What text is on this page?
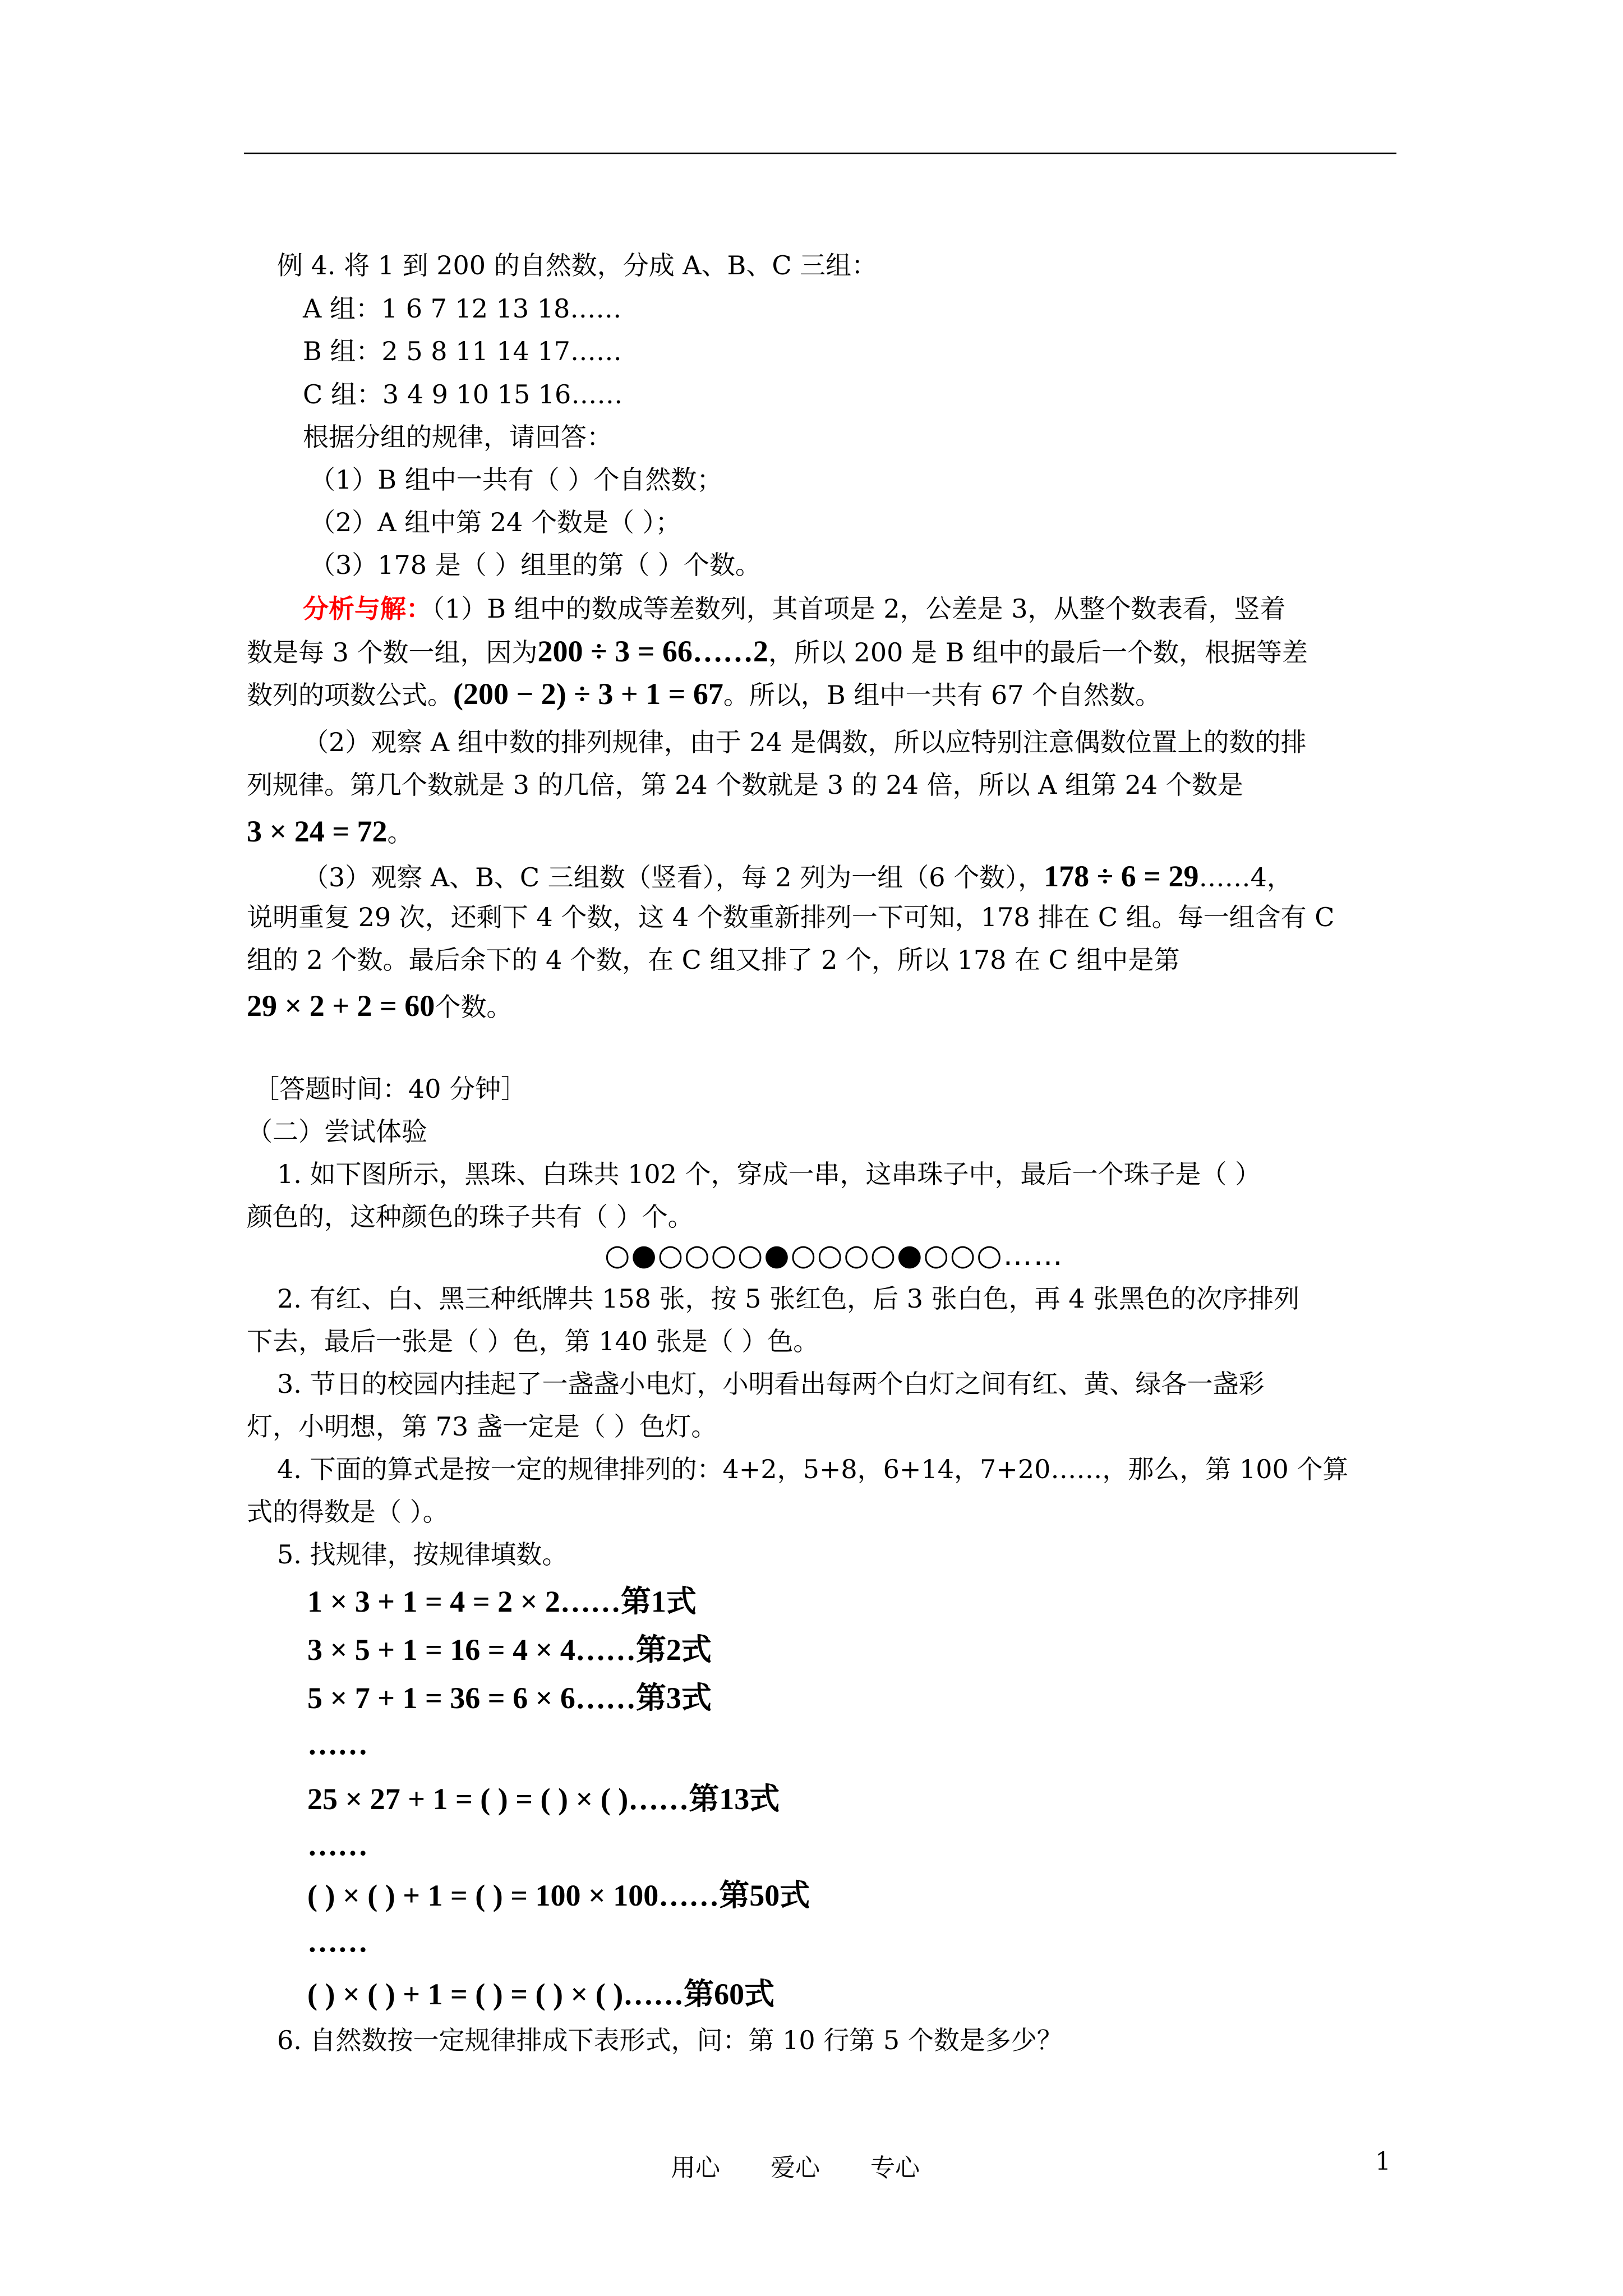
例 4. 将 1 到 200 的自然数，分成 A、B、C 三组：
A 组：1 6 7 12 13 18……
B 组：2 5 8 11 14 17……
C 组：3 4 9 10 15 16……
根据分组的规律，请回答：
（1）B 组中一共有（ ）个自然数；
（2）A 组中第 24 个数是（ ）；
（3）178 是（ ）组里的第（ ）个数。
分析与解：（1）B 组中的数成等差数列，其首项是 2，公差是 3，从整个数表看，竖着
数是每 3 个数一组，因为200 ÷ 3 = 66……2，所以 200 是 B 组中的最后一个数，根据等差
数列的项数公式。(200 − 2) ÷ 3 + 1 = 67。所以，B 组中一共有 67 个自然数。
（2）观察 A 组中数的排列规律，由于 24 是偶数，所以应特别注意偶数位置上的数的排
列规律。第几个数就是 3 的几倍，第 24 个数就是 3 的 24 倍，所以 A 组第 24 个数是
3 × 24 = 72。
（3）观察 A、B、C 三组数（竖看），每 2 列为一组（6 个数），178 ÷ 6 = 29……4，
说明重复 29 次，还剩下 4 个数，这 4 个数重新排列一下可知，178 排在 C 组。每一组含有 C
组的 2 个数。最后余下的 4 个数，在 C 组又排了 2 个，所以 178 在 C 组中是第
29 × 2 + 2 = 60个数。
［答题时间：40 分钟］
（二）尝试体验
1. 如下图所示，黑珠、白珠共 102 个，穿成一串，这串珠子中，最后一个珠子是（ ）
颜色的，这种颜色的珠子共有（ ）个。
○●○○○○●○○○○●○○○……
2. 有红、白、黑三种纸牌共 158 张，按 5 张红色，后 3 张白色，再 4 张黑色的次序排列
下去，最后一张是（ ）色，第 140 张是（ ）色。
3. 节日的校园内挂起了一盏盏小电灯，小明看出每两个白灯之间有红、黄、绿各一盏彩
灯，小明想，第 73 盏一定是（ ）色灯。
4. 下面的算式是按一定的规律排列的：4+2，5+8，6+14，7+20……，那么，第 100 个算
式的得数是（ ）。
5. 找规律，按规律填数。
1 × 3 + 1 = 4 = 2 × 2……第1式
3 × 5 + 1 = 16 = 4 × 4……第2式
5 × 7 + 1 = 36 = 6 × 6……第3式
……
25 × 27 + 1 = ( ) = ( ) × ( )……第13式
……
( ) × ( ) + 1 = ( ) = 100 × 100……第50式
……
( ) × ( ) + 1 = ( ) = ( ) × ( )……第60式
6. 自然数按一定规律排成下表形式，问：第 10 行第 5 个数是多少？
用心 爱心 专心	1
